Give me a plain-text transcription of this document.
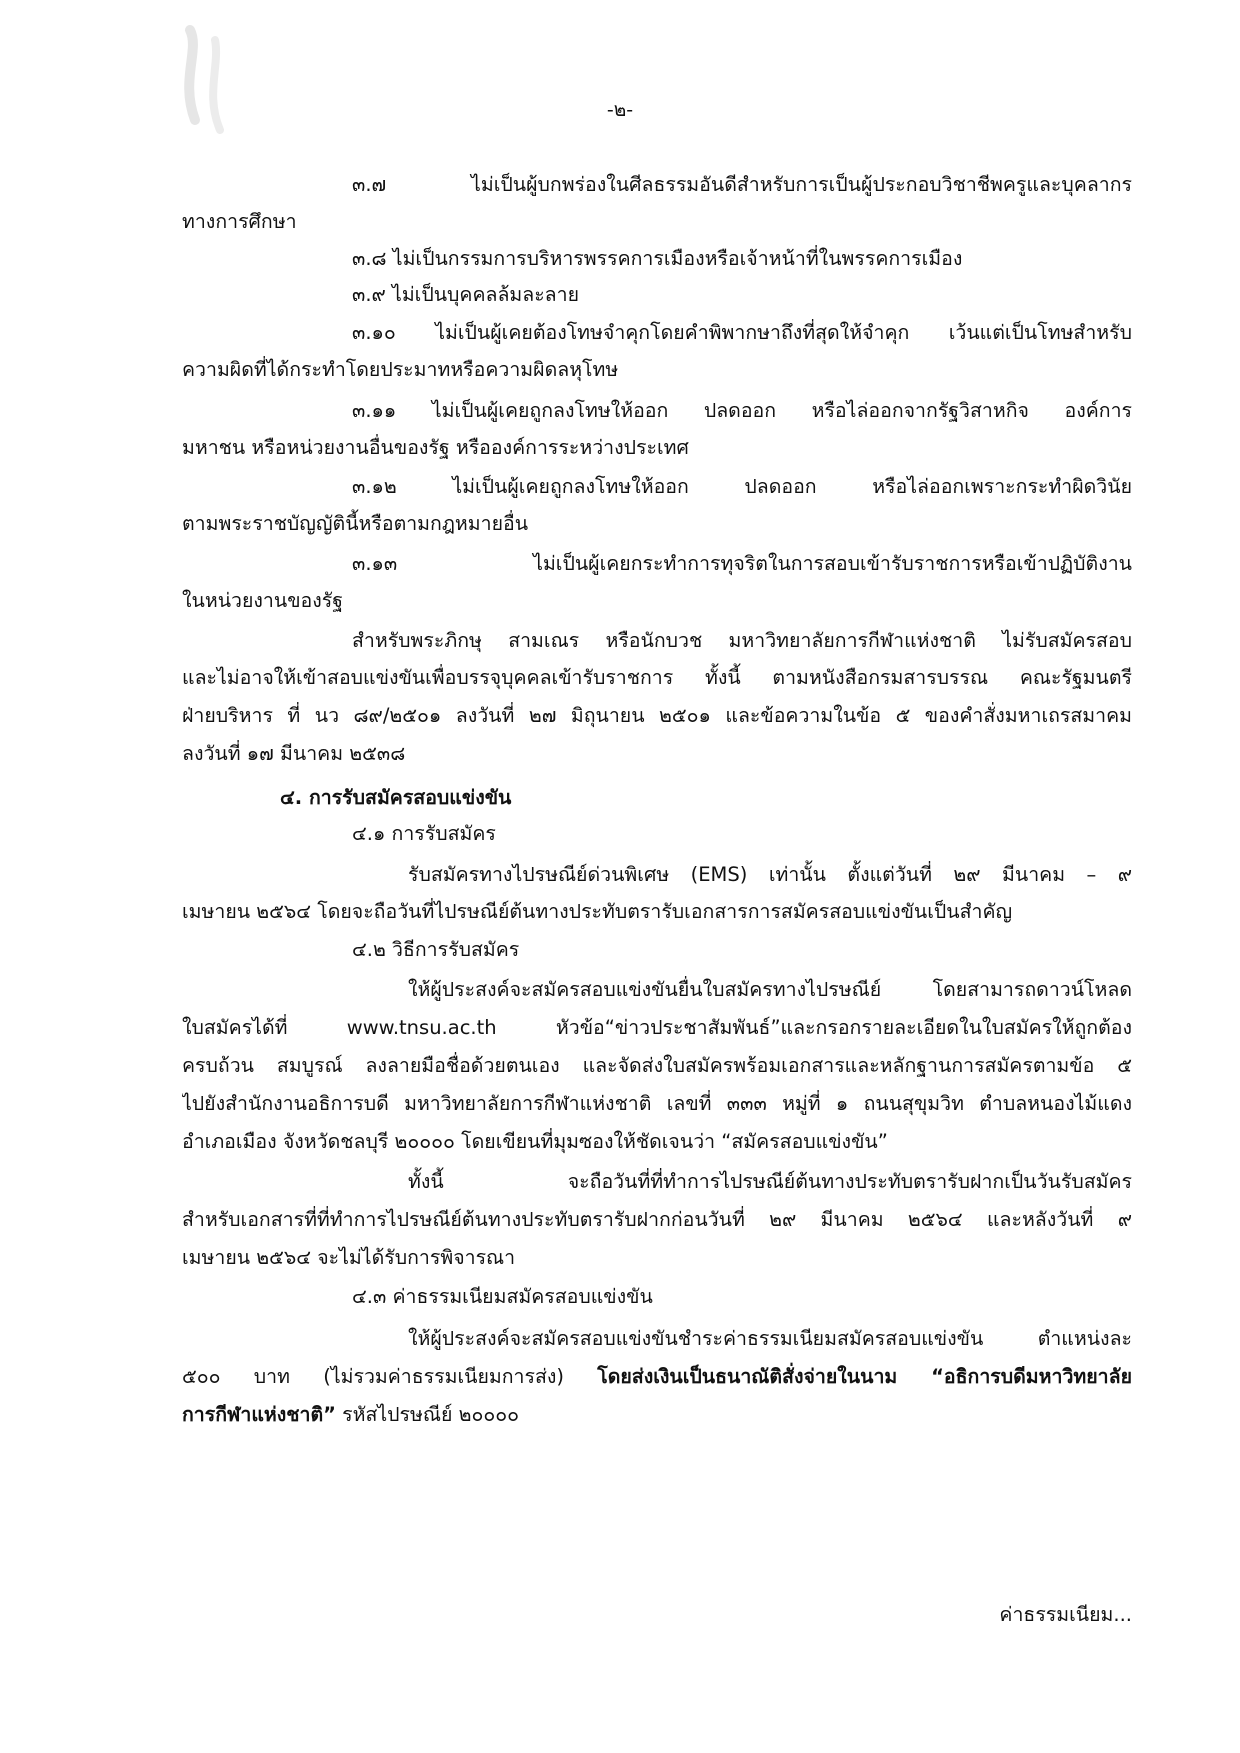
-๒-
๓.๗ ไม่เป็นผู้บกพร่องในศีลธรรมอันดีสำหรับการเป็นผู้ประกอบวิชาชีพครูและบุคลากร
ทางการศึกษา
๓.๘ ไม่เป็นกรรมการบริหารพรรคการเมืองหรือเจ้าหน้าที่ในพรรคการเมือง
๓.๙ ไม่เป็นบุคคลล้มละลาย
๓.๑๐ ไม่เป็นผู้เคยต้องโทษจำคุกโดยคำพิพากษาถึงที่สุดให้จำคุก เว้นแต่เป็นโทษสำหรับ
ความผิดที่ได้กระทำโดยประมาทหรือความผิดลหุโทษ
๓.๑๑ ไม่เป็นผู้เคยถูกลงโทษให้ออก ปลดออก หรือไล่ออกจากรัฐวิสาหกิจ องค์การ
มหาชน หรือหน่วยงานอื่นของรัฐ หรือองค์การระหว่างประเทศ
๓.๑๒ ไม่เป็นผู้เคยถูกลงโทษให้ออก ปลดออก หรือไล่ออกเพราะกระทำผิดวินัย
ตามพระราชบัญญัตินี้หรือตามกฎหมายอื่น
๓.๑๓ ไม่เป็นผู้เคยกระทำการทุจริตในการสอบเข้ารับราชการหรือเข้าปฏิบัติงาน
ในหน่วยงานของรัฐ
สำหรับพระภิกษุ สามเณร หรือนักบวช มหาวิทยาลัยการกีฬาแห่งชาติ ไม่รับสมัครสอบ
และไม่อาจให้เข้าสอบแข่งขันเพื่อบรรจุบุคคลเข้ารับราชการ ทั้งนี้ ตามหนังสือกรมสารบรรณ คณะรัฐมนตรี
ฝ่ายบริหาร ที่ นว ๘๙/๒๕๐๑ ลงวันที่ ๒๗ มิถุนายน ๒๕๐๑ และข้อความในข้อ ๕ ของคำสั่งมหาเถรสมาคม
ลงวันที่ ๑๗ มีนาคม ๒๕๓๘
๔. การรับสมัครสอบแข่งขัน
๔.๑ การรับสมัคร
รับสมัครทางไปรษณีย์ด่วนพิเศษ (EMS) เท่านั้น ตั้งแต่วันที่ ๒๙ มีนาคม – ๙
เมษายน ๒๕๖๔ โดยจะถือวันที่ไปรษณีย์ต้นทางประทับตรารับเอกสารการสมัครสอบแข่งขันเป็นสำคัญ
๔.๒ วิธีการรับสมัคร
ให้ผู้ประสงค์จะสมัครสอบแข่งขันยื่นใบสมัครทางไปรษณีย์ โดยสามารถดาวน์โหลด
ใบสมัครได้ที่ www.tnsu.ac.th หัวข้อ“ข่าวประชาสัมพันธ์”และกรอกรายละเอียดในใบสมัครให้ถูกต้อง
ครบถ้วน สมบูรณ์ ลงลายมือชื่อด้วยตนเอง และจัดส่งใบสมัครพร้อมเอกสารและหลักฐานการสมัครตามข้อ ๕
ไปยังสำนักงานอธิการบดี มหาวิทยาลัยการกีฬาแห่งชาติ เลขที่ ๓๓๓ หมู่ที่ ๑ ถนนสุขุมวิท ตำบลหนองไม้แดง
อำเภอเมือง จังหวัดชลบุรี ๒๐๐๐๐ โดยเขียนที่มุมซองให้ชัดเจนว่า “สมัครสอบแข่งขัน”
ทั้งนี้ จะถือวันที่ที่ทำการไปรษณีย์ต้นทางประทับตรารับฝากเป็นวันรับสมัคร
สำหรับเอกสารที่ที่ทำการไปรษณีย์ต้นทางประทับตรารับฝากก่อนวันที่ ๒๙ มีนาคม ๒๕๖๔ และหลังวันที่ ๙
เมษายน ๒๕๖๔ จะไม่ได้รับการพิจารณา
๔.๓ ค่าธรรมเนียมสมัครสอบแข่งขัน
ให้ผู้ประสงค์จะสมัครสอบแข่งขันชำระค่าธรรมเนียมสมัครสอบแข่งขัน ตำแหน่งละ
๕๐๐ บาท (ไม่รวมค่าธรรมเนียมการส่ง) โดยส่งเงินเป็นธนาณัติสั่งจ่ายในนาม “อธิการบดีมหาวิทยาลัย
การกีฬาแห่งชาติ” รหัสไปรษณีย์ ๒๐๐๐๐
ค่าธรรมเนียม...
